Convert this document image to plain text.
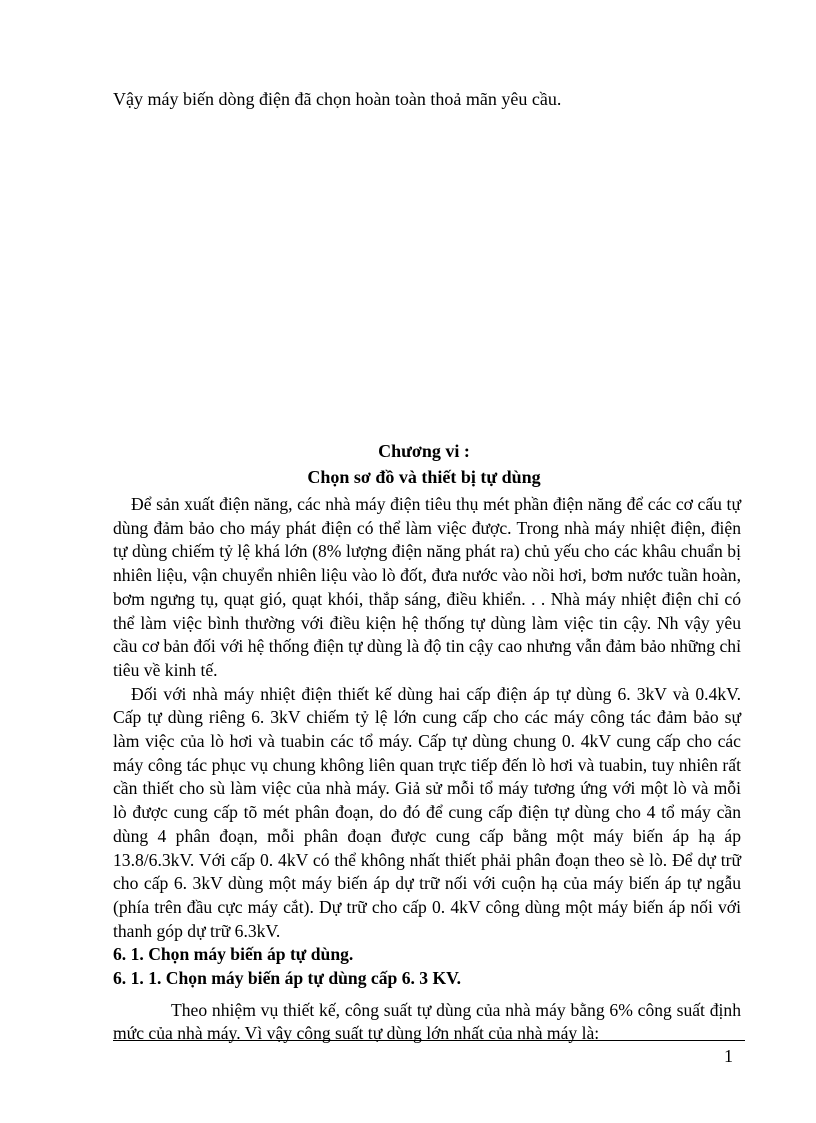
Vậy máy biến dòng điện đã chọn hoàn toàn thoả mãn yêu cầu.
Chương vi :
Chọn sơ đồ và thiết bị tự dùng

Để sản xuất điện năng, các nhà máy điện tiêu thụ mét phần điện năng để các cơ cấu tự dùng đảm bảo cho máy phát điện có thể làm việc được. Trong nhà máy nhiệt điện, điện tự dùng chiếm tỷ lệ khá lớn (8% lượng điện năng phát ra) chủ yếu cho các khâu chuẩn bị nhiên liệu, vận chuyển nhiên liệu vào lò đốt, đưa nước vào nồi hơi, bơm nước tuần hoàn, bơm ngưng tụ, quạt gió, quạt khói, thắp sáng, điều khiển. . . Nhà máy nhiệt điện chỉ có thể làm việc bình thường với điều kiện hệ thống tự dùng làm việc tin cậy. Nh vậy yêu cầu cơ bản đối với hệ thống điện tự dùng là độ tin cậy cao nhưng vẫn đảm bảo những chỉ tiêu về kinh tế.

Đối với nhà máy nhiệt điện thiết kế dùng hai cấp điện áp tự dùng 6. 3kV và 0.4kV. Cấp tự dùng riêng 6. 3kV chiếm tỷ lệ lớn cung cấp cho các máy công tác đảm bảo sự làm việc của lò hơi và tuabin các tổ máy. Cấp tự dùng chung 0. 4kV cung cấp cho các máy công tác phục vụ chung không liên quan trực tiếp đến lò hơi và tuabin, tuy nhiên rất cần thiết cho sù làm việc của nhà máy. Giả sử mỗi tổ máy tương ứng với một lò và mỗi lò được cung cấp tõ mét phân đoạn, do đó để cung cấp điện tự dùng cho 4 tổ máy cần dùng 4 phân đoạn, mỗi phân đoạn được cung cấp bằng một máy biến áp hạ áp 13.8/6.3kV. Với cấp 0. 4kV có thể không nhất thiết phải phân đoạn theo sè lò. Để dự trữ cho cấp 6. 3kV dùng một máy biến áp dự trữ nối với cuộn hạ của máy biến áp tự ngẫu (phía trên đầu cực máy cắt). Dự trữ cho cấp 0. 4kV công dùng một máy biến áp nối với thanh góp dự trữ 6.3kV.

6. 1. Chọn máy biến áp tự dùng.

6. 1. 1. Chọn máy biến áp tự dùng cấp 6. 3 KV.

Theo nhiệm vụ thiết kế, công suất tự dùng của nhà máy bằng 6% công suất định mức của nhà máy. Vì vậy công suất tự dùng lớn nhất của nhà máy là:

1
